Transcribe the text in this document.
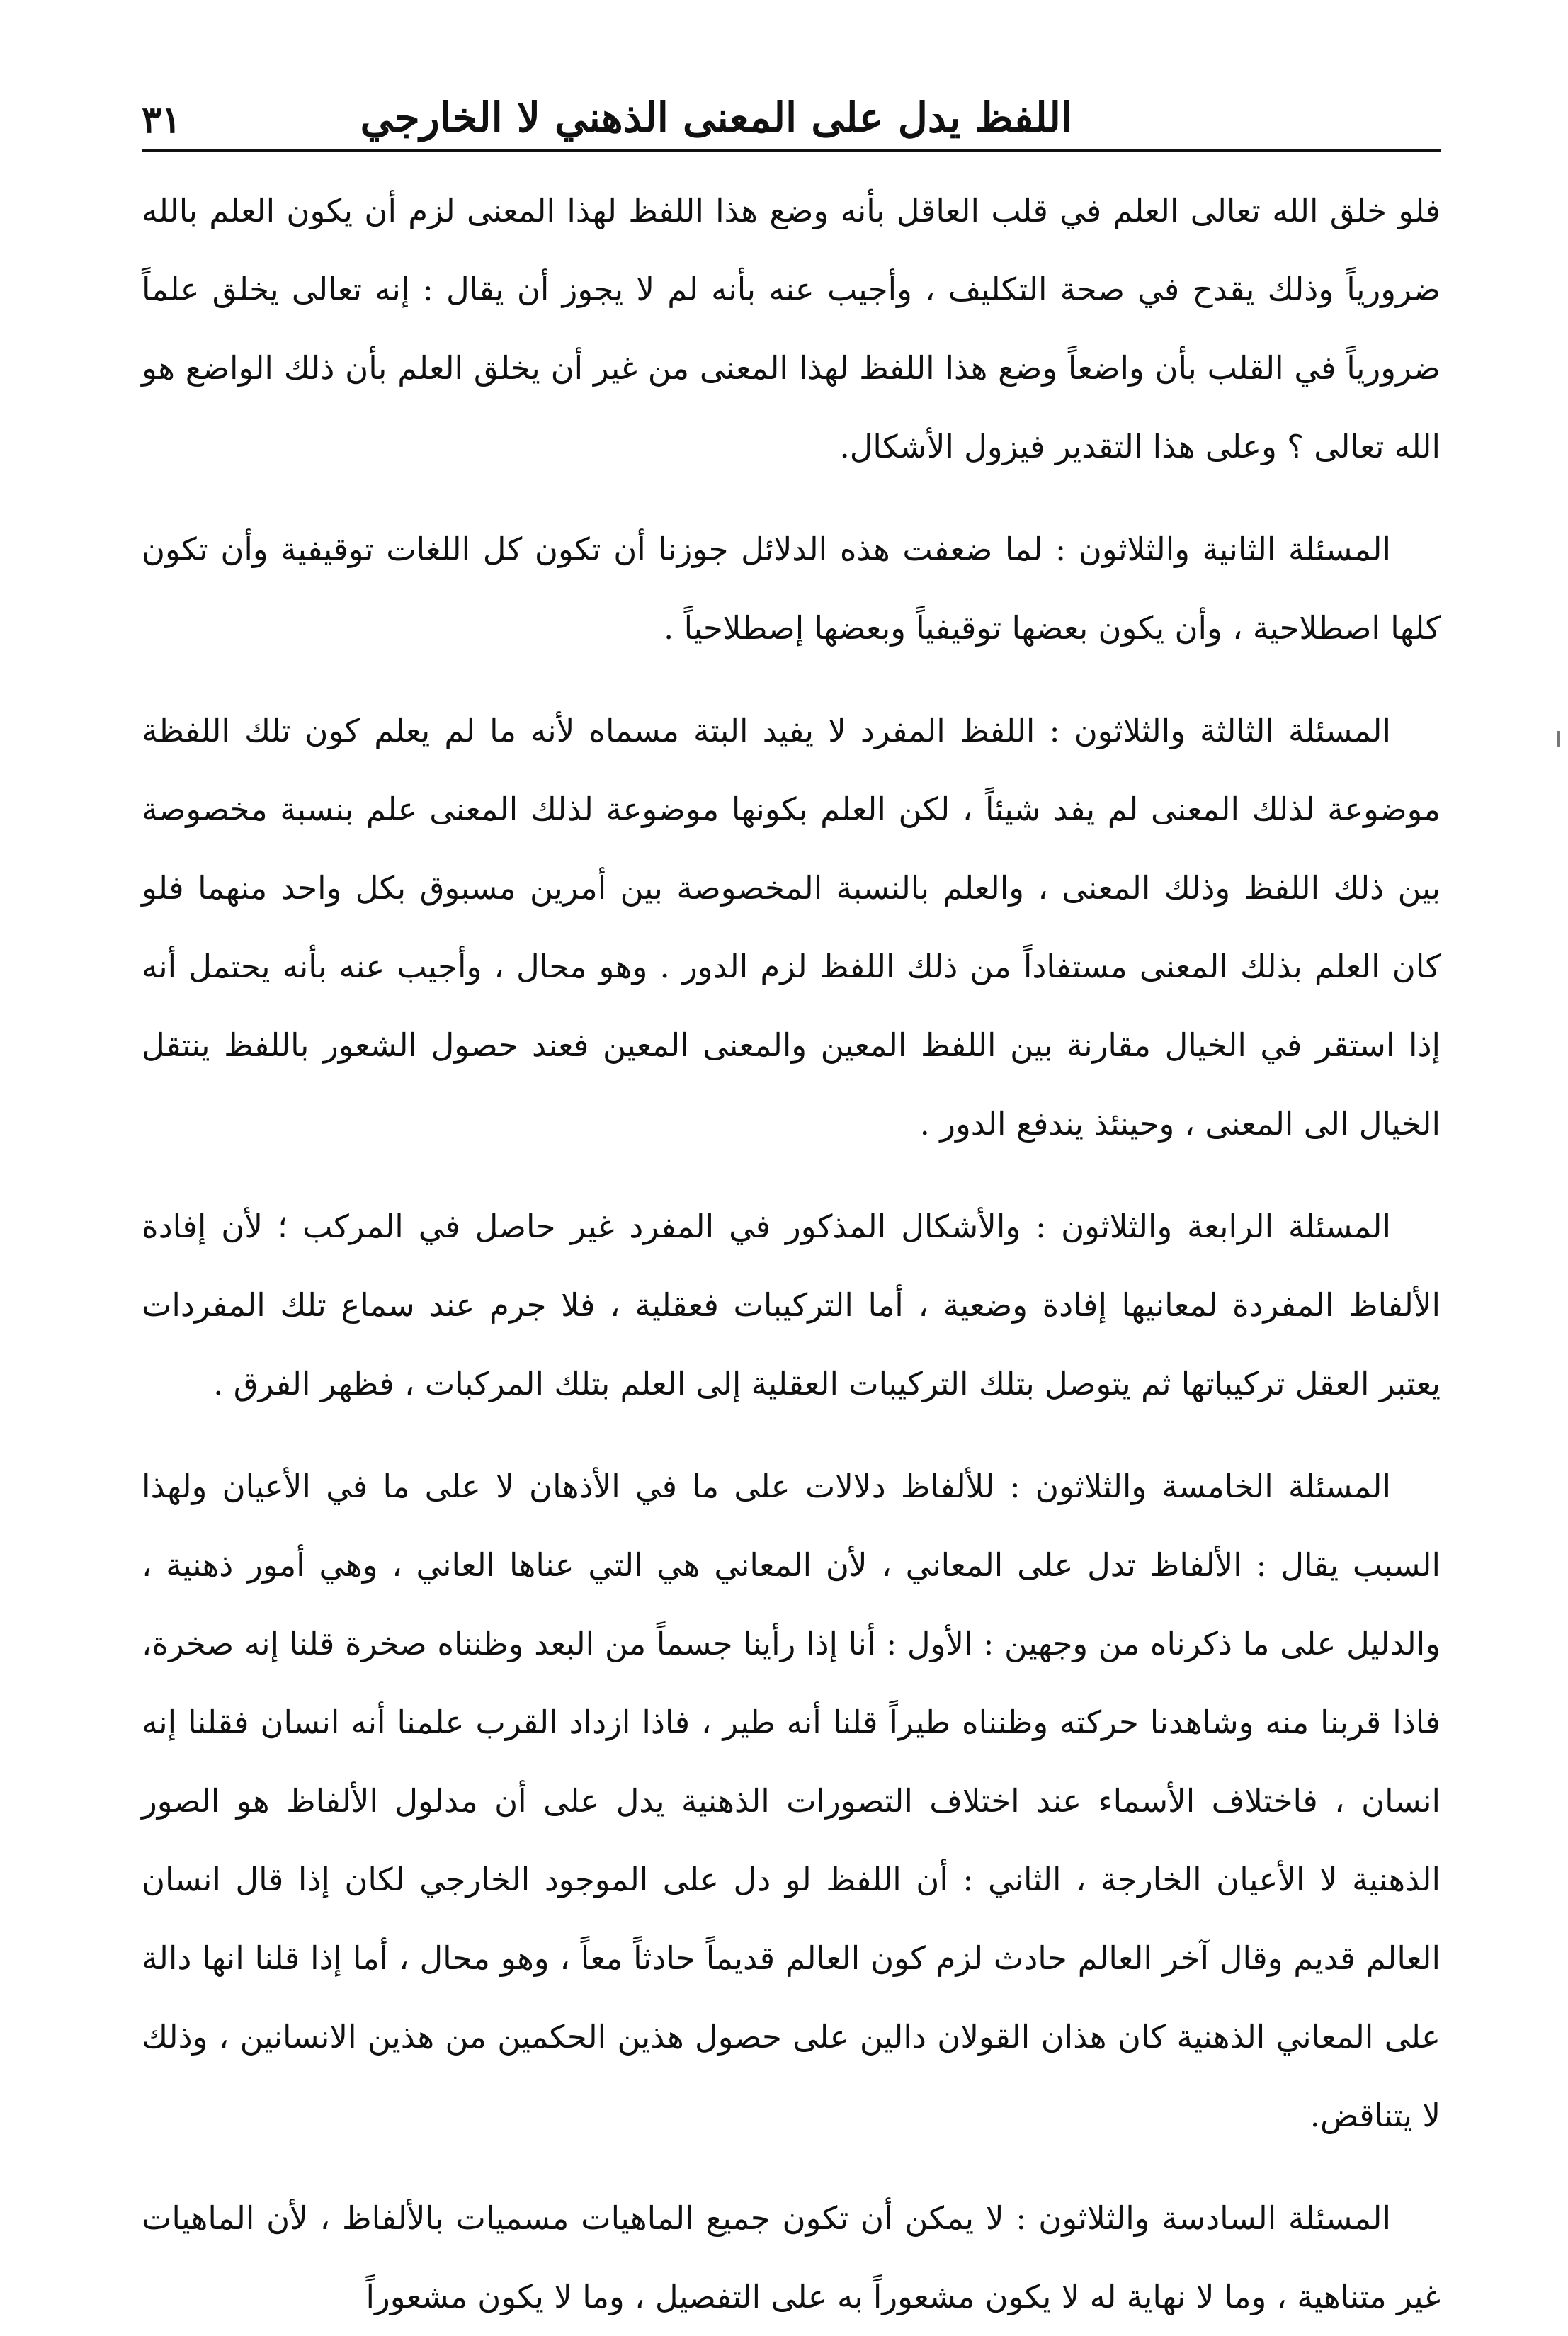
اللفظ يدل على المعنى الذهني لا الخارجي
٣١

فلو خلق الله تعالى العلم في قلب العاقل بأنه وضع هذا اللفظ لهذا المعنى لزم أن يكون العلم بالله ضرورياً وذلك يقدح في صحة التكليف ، وأجيب عنه بأنه لم لا يجوز أن يقال : إنه تعالى يخلق علماً ضرورياً في القلب بأن واضعاً وضع هذا اللفظ لهذا المعنى من غير أن يخلق العلم بأن ذلك الواضع هو الله تعالى ؟ وعلى هذا التقدير فيزول الأشكال.

المسئلة الثانية والثلاثون : لما ضعفت هذه الدلائل جوزنا أن تكون كل اللغات توقيفية وأن تكون كلها اصطلاحية ، وأن يكون بعضها توقيفياً وبعضها إصطلاحياً .

المسئلة الثالثة والثلاثون : اللفظ المفرد لا يفيد البتة مسماه لأنه ما لم يعلم كون تلك اللفظة موضوعة لذلك المعنى لم يفد شيئاً ، لكن العلم بكونها موضوعة لذلك المعنى علم بنسبة مخصوصة بين ذلك اللفظ وذلك المعنى ، والعلم بالنسبة المخصوصة بين أمرين مسبوق بكل واحد منهما فلو كان العلم بذلك المعنى مستفاداً من ذلك اللفظ لزم الدور . وهو محال ، وأجيب عنه بأنه يحتمل أنه إذا استقر في الخيال مقارنة بين اللفظ المعين والمعنى المعين فعند حصول الشعور باللفظ ينتقل الخيال الى المعنى ، وحينئذ يندفع الدور .

المسئلة الرابعة والثلاثون : والأشكال المذكور في المفرد غير حاصل في المركب ؛ لأن إفادة الألفاظ المفردة لمعانيها إفادة وضعية ، أما التركيبات فعقلية ، فلا جرم عند سماع تلك المفردات يعتبر العقل تركيباتها ثم يتوصل بتلك التركيبات العقلية إلى العلم بتلك المركبات ، فظهر الفرق .

المسئلة الخامسة والثلاثون : للألفاظ دلالات على ما في الأذهان لا على ما في الأعيان ولهذا السبب يقال : الألفاظ تدل على المعاني ، لأن المعاني هي التي عناها العاني ، وهي أمور ذهنية ، والدليل على ما ذكرناه من وجهين : الأول : أنا إذا رأينا جسماً من البعد وظنناه صخرة قلنا إنه صخرة، فاذا قربنا منه وشاهدنا حركته وظنناه طيراً قلنا أنه طير ، فاذا ازداد القرب علمنا أنه انسان فقلنا إنه انسان ، فاختلاف الأسماء عند اختلاف التصورات الذهنية يدل على أن مدلول الألفاظ هو الصور الذهنية لا الأعيان الخارجة ، الثاني : أن اللفظ لو دل على الموجود الخارجي لكان إذا قال انسان العالم قديم وقال آخر العالم حادث لزم كون العالم قديماً حادثاً معاً ، وهو محال ، أما إذا قلنا انها دالة على المعاني الذهنية كان هذان القولان دالين على حصول هذين الحكمين من هذين الانسانين ، وذلك لا يتناقض.

المسئلة السادسة والثلاثون : لا يمكن أن تكون جميع الماهيات مسميات بالألفاظ ، لأن الماهيات غير متناهية ، وما لا نهاية له لا يكون مشعوراً به على التفصيل ، وما لا يكون مشعوراً
